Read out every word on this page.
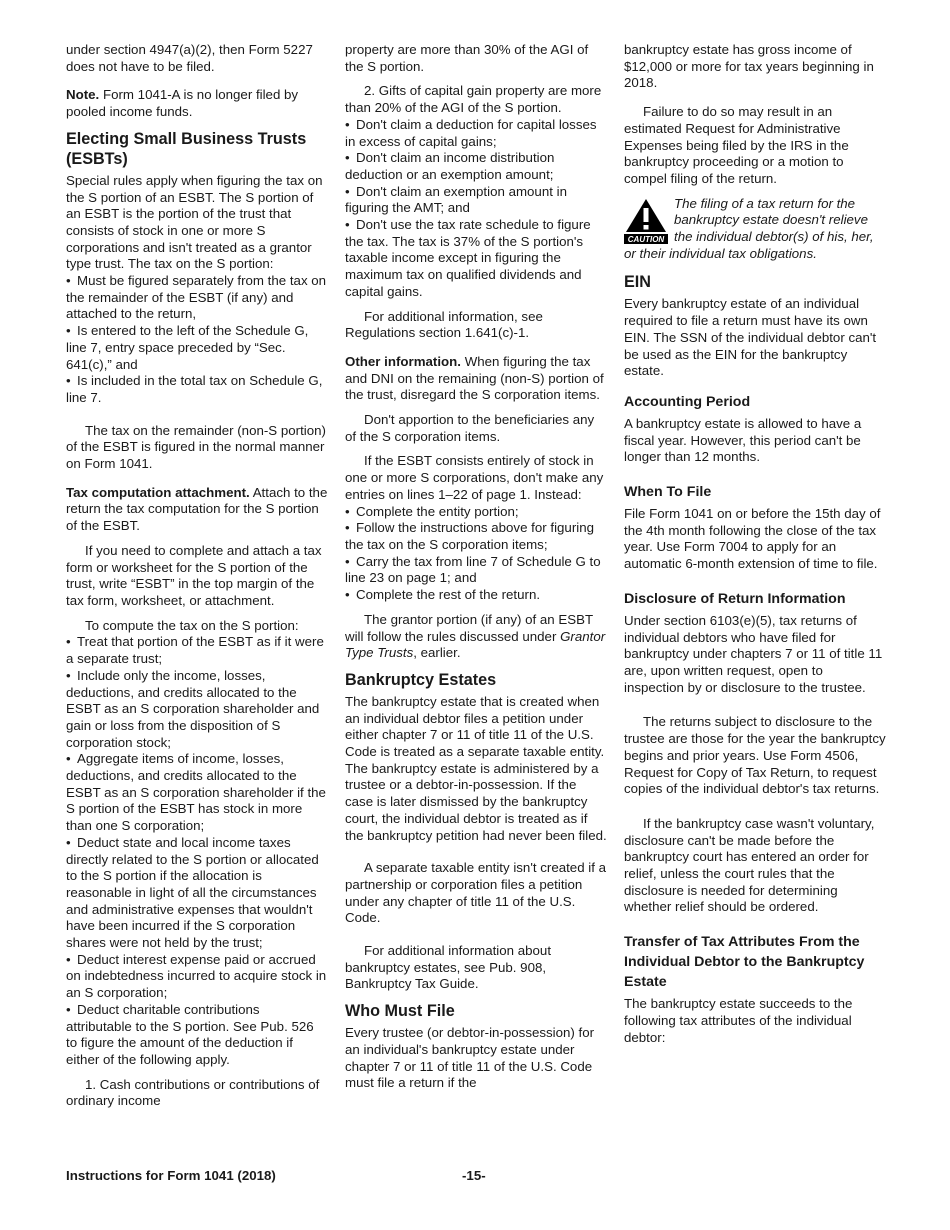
under section 4947(a)(2), then Form 5227 does not have to be filed.

Note. Form 1041-A is no longer filed by pooled income funds.

Electing Small Business Trusts (ESBTs)

Special rules apply when figuring the tax on the S portion of an ESBT. The S portion of an ESBT is the portion of the trust that consists of stock in one or more S corporations and isn't treated as a grantor type trust. The tax on the S portion:

• Must be figured separately from the tax on the remainder of the ESBT (if any) and attached to the return,

• Is entered to the left of the Schedule G, line 7, entry space preceded by “Sec. 641(c),” and

• Is included in the total tax on Schedule G, line 7.

The tax on the remainder (non-S portion) of the ESBT is figured in the normal manner on Form 1041.

Tax computation attachment. Attach to the return the tax computation for the S portion of the ESBT.

If you need to complete and attach a tax form or worksheet for the S portion of the trust, write “ESBT” in the top margin of the tax form, worksheet, or attachment.

To compute the tax on the S portion:

• Treat that portion of the ESBT as if it were a separate trust;

• Include only the income, losses, deductions, and credits allocated to the ESBT as an S corporation shareholder and gain or loss from the disposition of S corporation stock;

• Aggregate items of income, losses, deductions, and credits allocated to the ESBT as an S corporation shareholder if the S portion of the ESBT has stock in more than one S corporation;

• Deduct state and local income taxes directly related to the S portion or allocated to the S portion if the allocation is reasonable in light of all the circumstances and administrative expenses that wouldn't have been incurred if the S corporation shares were not held by the trust;

• Deduct interest expense paid or accrued on indebtedness incurred to acquire stock in an S corporation;

• Deduct charitable contributions attributable to the S portion. See Pub. 526 to figure the amount of the deduction if either of the following apply.

1. Cash contributions or contributions of ordinary income

property are more than 30% of the AGI of the S portion.

2. Gifts of capital gain property are more than 20% of the AGI of the S portion.

• Don't claim a deduction for capital losses in excess of capital gains;

• Don't claim an income distribution deduction or an exemption amount;

• Don't claim an exemption amount in figuring the AMT; and

• Don't use the tax rate schedule to figure the tax. The tax is 37% of the S portion's taxable income except in figuring the maximum tax on qualified dividends and capital gains.

For additional information, see Regulations section 1.641(c)-1.

Other information. When figuring the tax and DNI on the remaining (non-S) portion of the trust, disregard the S corporation items.

Don't apportion to the beneficiaries any of the S corporation items.

If the ESBT consists entirely of stock in one or more S corporations, don't make any entries on lines 1–22 of page 1. Instead:

• Complete the entity portion;

• Follow the instructions above for figuring the tax on the S corporation items;

• Carry the tax from line 7 of Schedule G to line 23 on page 1; and

• Complete the rest of the return.

The grantor portion (if any) of an ESBT will follow the rules discussed under Grantor Type Trusts, earlier.

Bankruptcy Estates

The bankruptcy estate that is created when an individual debtor files a petition under either chapter 7 or 11 of title 11 of the U.S. Code is treated as a separate taxable entity. The bankruptcy estate is administered by a trustee or a debtor-in-possession. If the case is later dismissed by the bankruptcy court, the individual debtor is treated as if the bankruptcy petition had never been filed.

A separate taxable entity isn't created if a partnership or corporation files a petition under any chapter of title 11 of the U.S. Code.

For additional information about bankruptcy estates, see Pub. 908, Bankruptcy Tax Guide.

Who Must File

Every trustee (or debtor-in-possession) for an individual's bankruptcy estate under chapter 7 or 11 of title 11 of the U.S. Code must file a return if the

bankruptcy estate has gross income of $12,000 or more for tax years beginning in 2018.

Failure to do so may result in an estimated Request for Administrative Expenses being filed by the IRS in the bankruptcy proceeding or a motion to compel filing of the return.

CAUTION
The filing of a tax return for the bankruptcy estate doesn't relieve the individual debtor(s) of his, her, or their individual tax obligations.
EIN

Every bankruptcy estate of an individual required to file a return must have its own EIN. The SSN of the individual debtor can't be used as the EIN for the bankruptcy estate.

Accounting Period

A bankruptcy estate is allowed to have a fiscal year. However, this period can't be longer than 12 months.

When To File

File Form 1041 on or before the 15th day of the 4th month following the close of the tax year. Use Form 7004 to apply for an automatic 6-month extension of time to file.

Disclosure of Return Information

Under section 6103(e)(5), tax returns of individual debtors who have filed for bankruptcy under chapters 7 or 11 of title 11 are, upon written request, open to inspection by or disclosure to the trustee.

The returns subject to disclosure to the trustee are those for the year the bankruptcy begins and prior years. Use Form 4506, Request for Copy of Tax Return, to request copies of the individual debtor's tax returns.

If the bankruptcy case wasn't voluntary, disclosure can't be made before the bankruptcy court has entered an order for relief, unless the court rules that the disclosure is needed for determining whether relief should be ordered.

Transfer of Tax Attributes From the Individual Debtor to the Bankruptcy Estate

The bankruptcy estate succeeds to the following tax attributes of the individual debtor:

Instructions for Form 1041 (2018)	-15-
